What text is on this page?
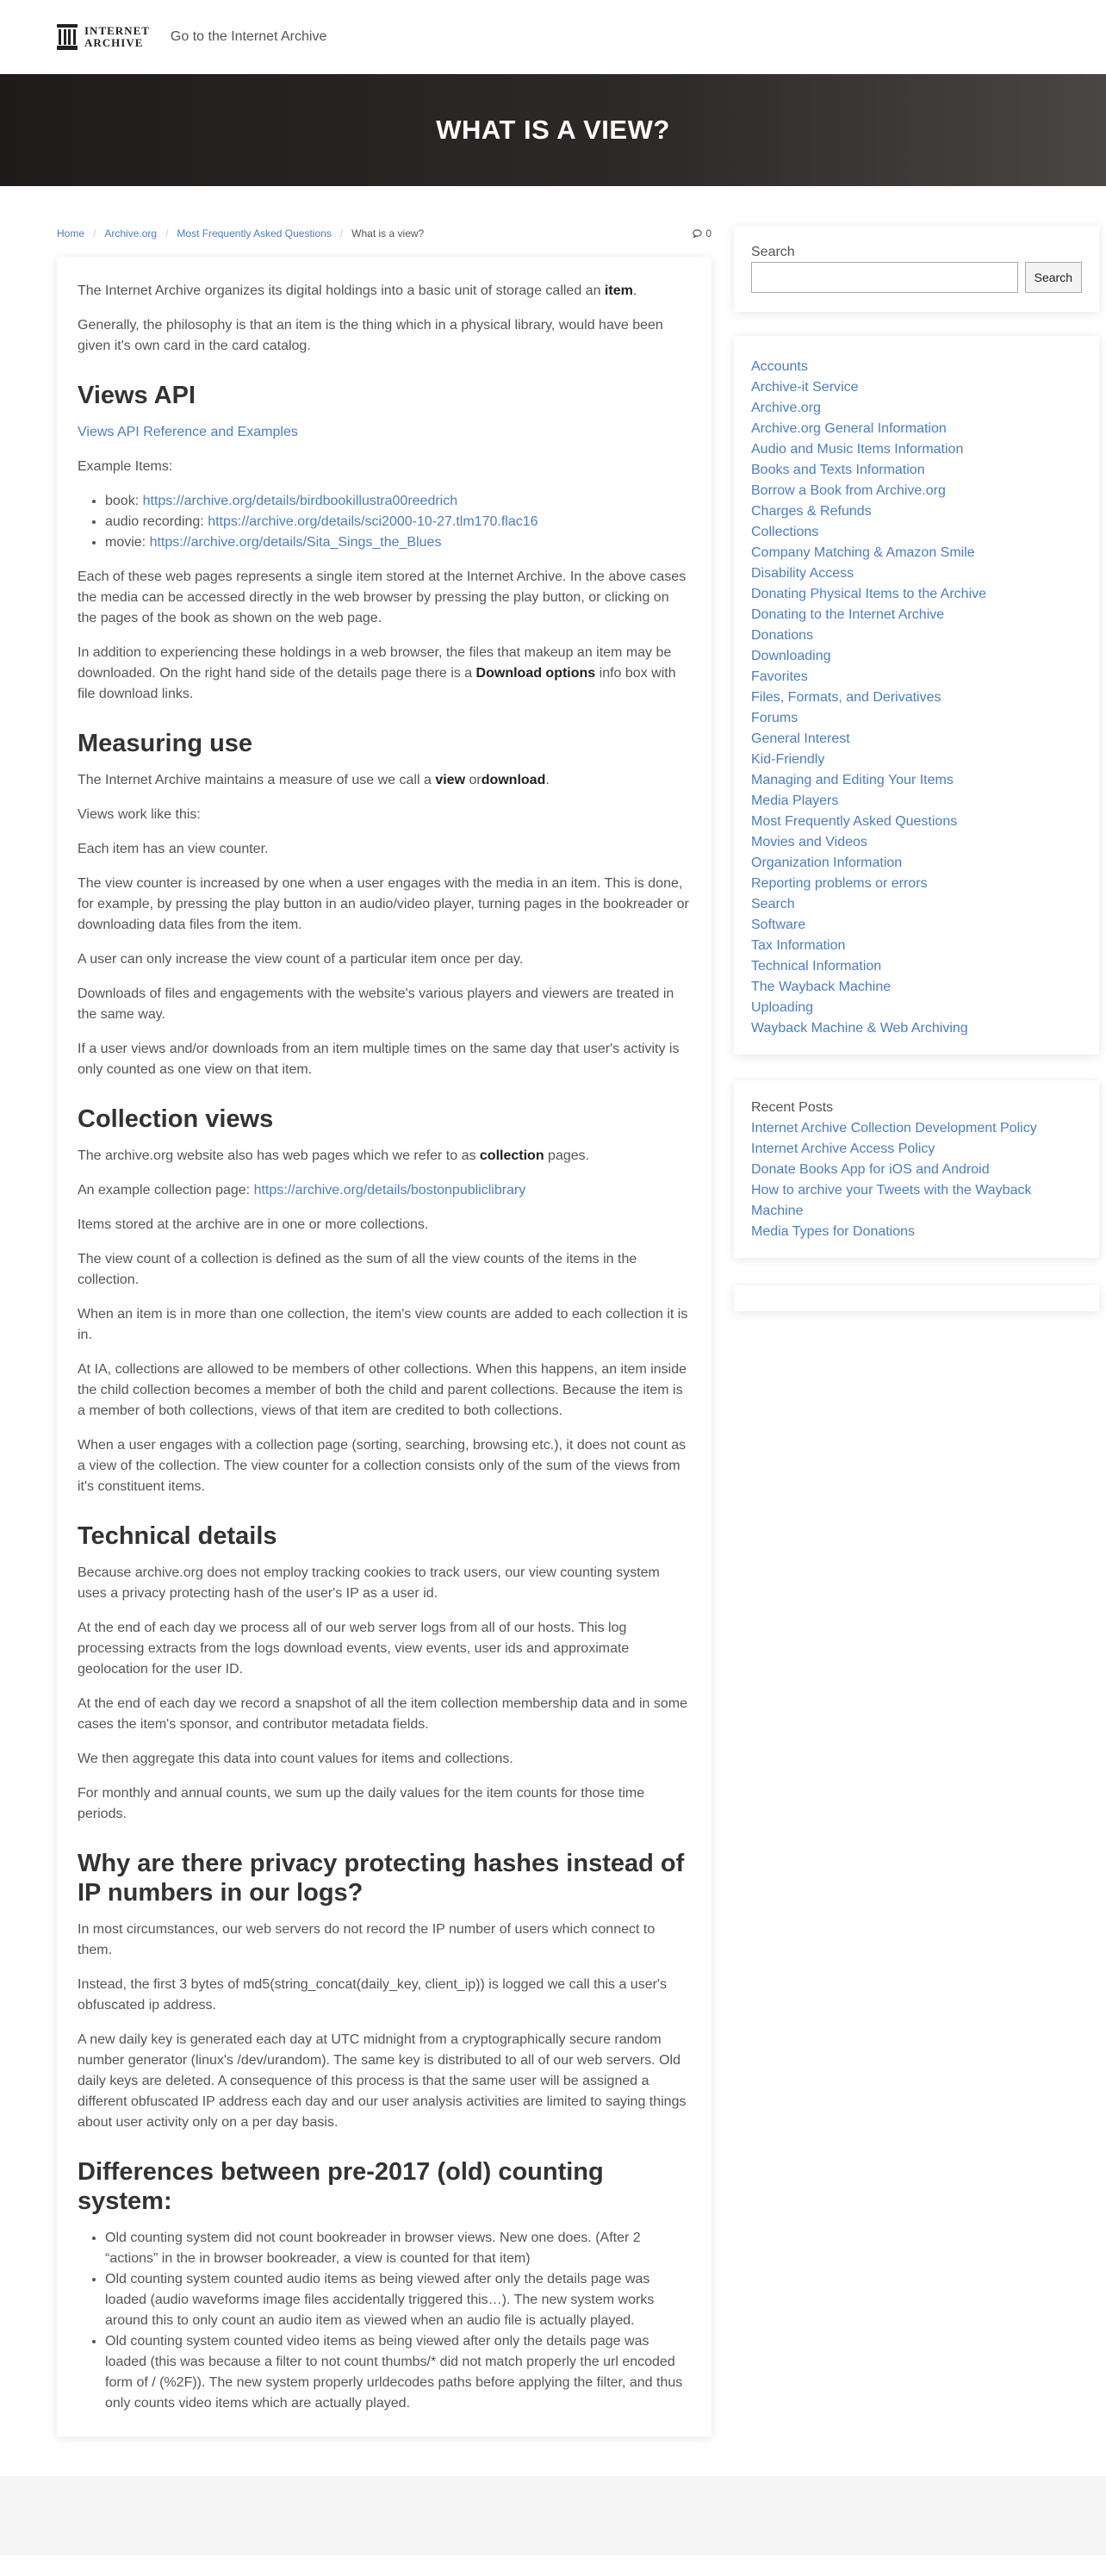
INTERNET
ARCHIVE	Go to the Internet Archive
WHAT IS A VIEW?
Home / Archive.org / Most Frequently Asked Questions / What is a view?	0

The Internet Archive organizes its digital holdings into a basic unit of storage called an item.

Generally, the philosophy is that an item is the thing which in a physical library, would have been given it's own card in the card catalog.

Views API

Views API Reference and Examples

Example Items:

• book: https://archive.org/details/birdbookillustra00reedrich
• audio recording: https://archive.org/details/sci2000-10-27.tlm170.flac16
• movie: https://archive.org/details/Sita_Sings_the_Blues

Each of these web pages represents a single item stored at the Internet Archive. In the above cases the media can be accessed directly in the web browser by pressing the play button, or clicking on the pages of the book as shown on the web page.

In addition to experiencing these holdings in a web browser, the files that makeup an item may be downloaded. On the right hand side of the details page there is a Download options info box with file download links.

Measuring use

The Internet Archive maintains a measure of use we call a view ordownload.

Views work like this:

Each item has an view counter.

The view counter is increased by one when a user engages with the media in an item. This is done, for example, by pressing the play button in an audio/video player, turning pages in the bookreader or downloading data files from the item.

A user can only increase the view count of a particular item once per day.

Downloads of files and engagements with the website's various players and viewers are treated in the same way.

If a user views and/or downloads from an item multiple times on the same day that user's activity is only counted as one view on that item.

Collection views

The archive.org website also has web pages which we refer to as collection pages.

An example collection page: https://archive.org/details/bostonpubliclibrary

Items stored at the archive are in one or more collections.

The view count of a collection is defined as the sum of all the view counts of the items in the collection.

When an item is in more than one collection, the item's view counts are added to each collection it is in.

At IA, collections are allowed to be members of other collections. When this happens, an item inside the child collection becomes a member of both the child and parent collections. Because the item is a member of both collections, views of that item are credited to both collections.

When a user engages with a collection page (sorting, searching, browsing etc.), it does not count as a view of the collection. The view counter for a collection consists only of the sum of the views from it's constituent items.

Technical details

Because archive.org does not employ tracking cookies to track users, our view counting system uses a privacy protecting hash of the user's IP as a user id.

At the end of each day we process all of our web server logs from all of our hosts. This log processing extracts from the logs download events, view events, user ids and approximate geolocation for the user ID.

At the end of each day we record a snapshot of all the item collection membership data and in some cases the item's sponsor, and contributor metadata fields.

We then aggregate this data into count values for items and collections.

For monthly and annual counts, we sum up the daily values for the item counts for those time periods.

Why are there privacy protecting hashes instead of IP numbers in our logs?

In most circumstances, our web servers do not record the IP number of users which connect to them.

Instead, the first 3 bytes of md5(string_concat(daily_key, client_ip)) is logged we call this a user's obfuscated ip address.

A new daily key is generated each day at UTC midnight from a cryptographically secure random number generator (linux's /dev/urandom). The same key is distributed to all of our web servers. Old daily keys are deleted. A consequence of this process is that the same user will be assigned a different obfuscated IP address each day and our user analysis activities are limited to saying things about user activity only on a per day basis.

Differences between pre-2017 (old) counting system:
• Old counting system did not count bookreader in browser views. New one does. (After 2 “actions” in the in browser bookreader, a view is counted for that item)
• Old counting system counted audio items as being viewed after only the details page was loaded (audio waveforms image files accidentally triggered this…). The new system works around this to only count an audio item as viewed when an audio file is actually played.
• Old counting system counted video items as being viewed after only the details page was loaded (this was because a filter to not count thumbs/* did not match properly the url encoded form of / (%2F)). The new system properly urldecodes paths before applying the filter, and thus only counts video items which are actually played.
Search
Search
Accounts
Archive-it Service
Archive.org
Archive.org General Information
Audio and Music Items Information
Books and Texts Information
Borrow a Book from Archive.org
Charges & Refunds
Collections
Company Matching & Amazon Smile
Disability Access
Donating Physical Items to the Archive
Donating to the Internet Archive
Donations
Downloading
Favorites
Files, Formats, and Derivatives
Forums
General Interest
Kid-Friendly
Managing and Editing Your Items
Media Players
Most Frequently Asked Questions
Movies and Videos
Organization Information
Reporting problems or errors
Search
Software
Tax Information
Technical Information
The Wayback Machine
Uploading
Wayback Machine & Web Archiving
Recent Posts
Internet Archive Collection Development Policy
Internet Archive Access Policy
Donate Books App for iOS and Android
How to archive your Tweets with the Wayback Machine
Media Types for Donations
